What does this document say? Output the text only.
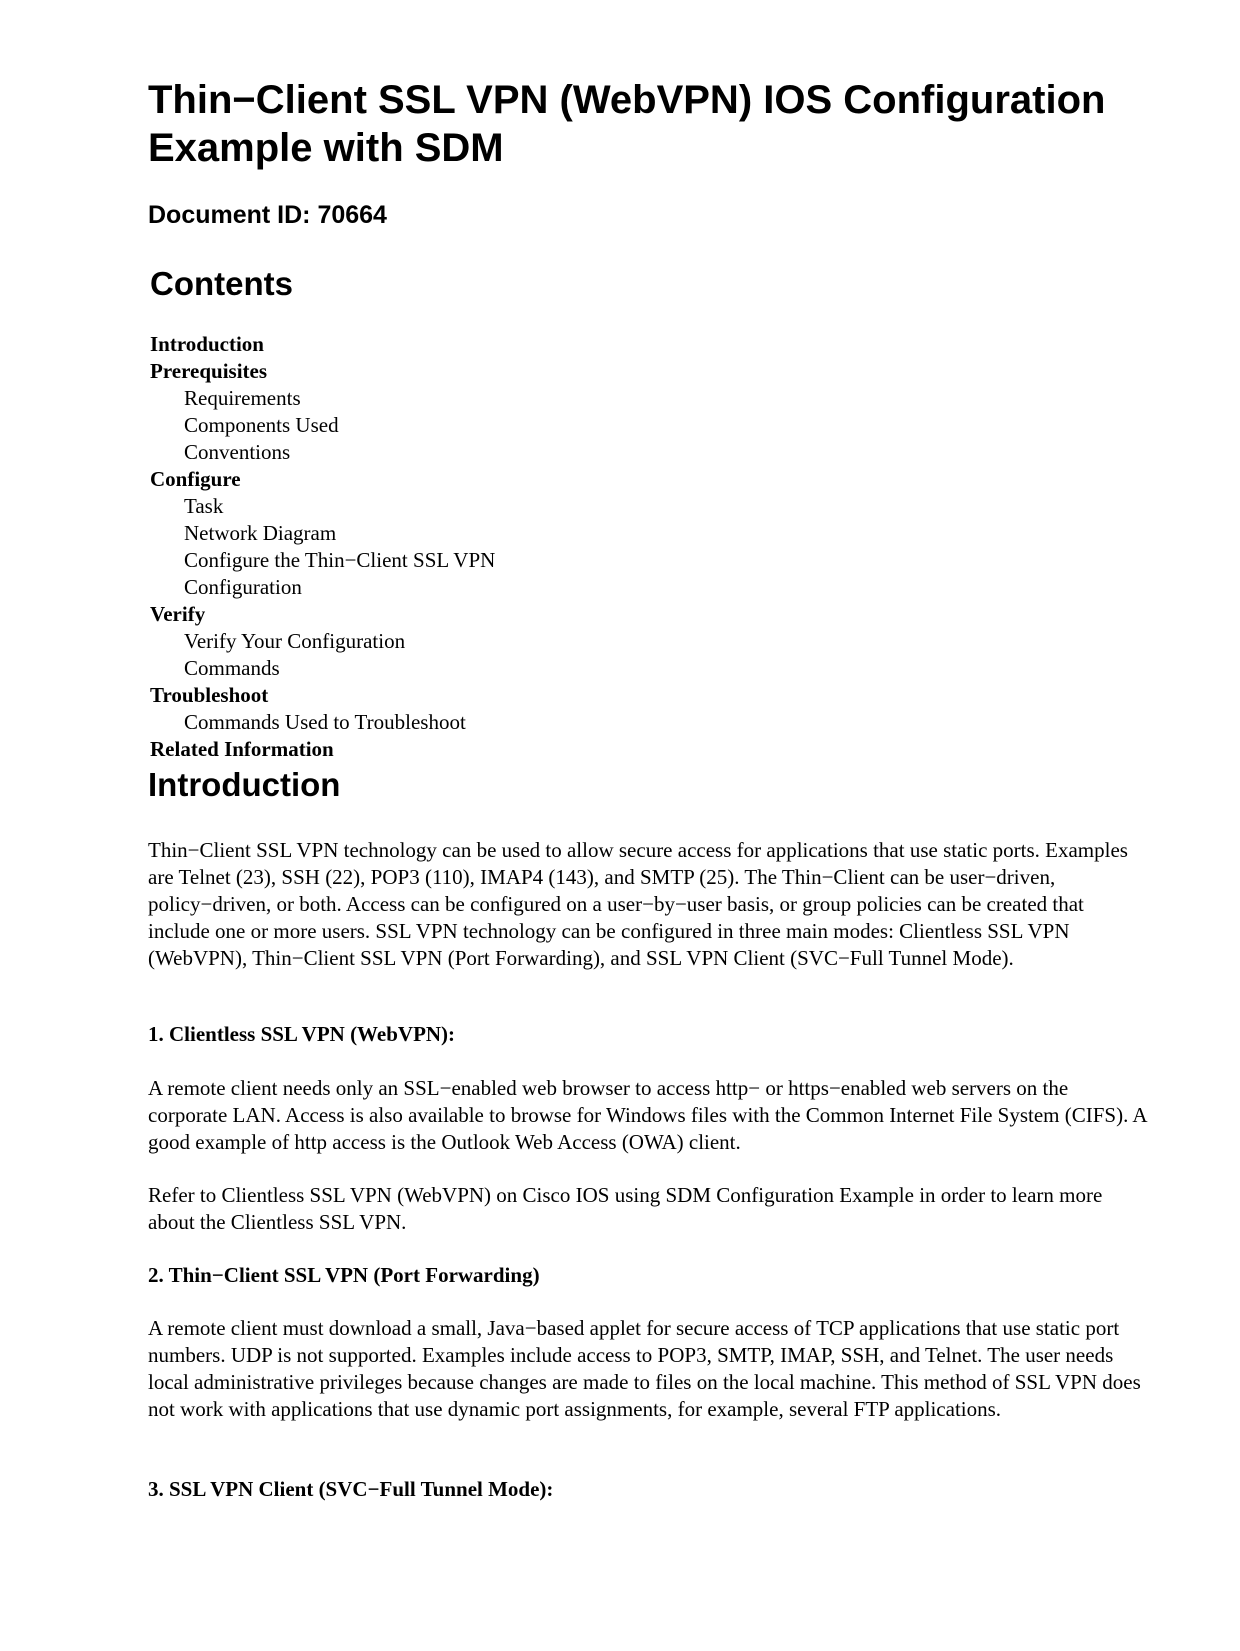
Thin−Client SSL VPN (WebVPN) IOS Configuration Example with SDM
Document ID: 70664
Contents
Introduction
Prerequisites
Requirements
Components Used
Conventions
Configure
Task
Network Diagram
Configure the Thin−Client SSL VPN
Configuration
Verify
Verify Your Configuration
Commands
Troubleshoot
Commands Used to Troubleshoot
Related Information
Introduction

Thin−Client SSL VPN technology can be used to allow secure access for applications that use static ports. Examples are Telnet (23), SSH (22), POP3 (110), IMAP4 (143), and SMTP (25). The Thin−Client can be user−driven, policy−driven, or both. Access can be configured on a user−by−user basis, or group policies can be created that include one or more users. SSL VPN technology can be configured in three main modes: Clientless SSL VPN (WebVPN), Thin−Client SSL VPN (Port Forwarding), and SSL VPN Client (SVC−Full Tunnel Mode).

1. Clientless SSL VPN (WebVPN):

A remote client needs only an SSL−enabled web browser to access http− or https−enabled web servers on the corporate LAN. Access is also available to browse for Windows files with the Common Internet File System (CIFS). A good example of http access is the Outlook Web Access (OWA) client.

Refer to Clientless SSL VPN (WebVPN) on Cisco IOS using SDM Configuration Example in order to learn more about the Clientless SSL VPN.

2. Thin−Client SSL VPN (Port Forwarding)

A remote client must download a small, Java−based applet for secure access of TCP applications that use static port numbers. UDP is not supported. Examples include access to POP3, SMTP, IMAP, SSH, and Telnet. The user needs local administrative privileges because changes are made to files on the local machine. This method of SSL VPN does not work with applications that use dynamic port assignments, for example, several FTP applications.

3. SSL VPN Client (SVC−Full Tunnel Mode):
